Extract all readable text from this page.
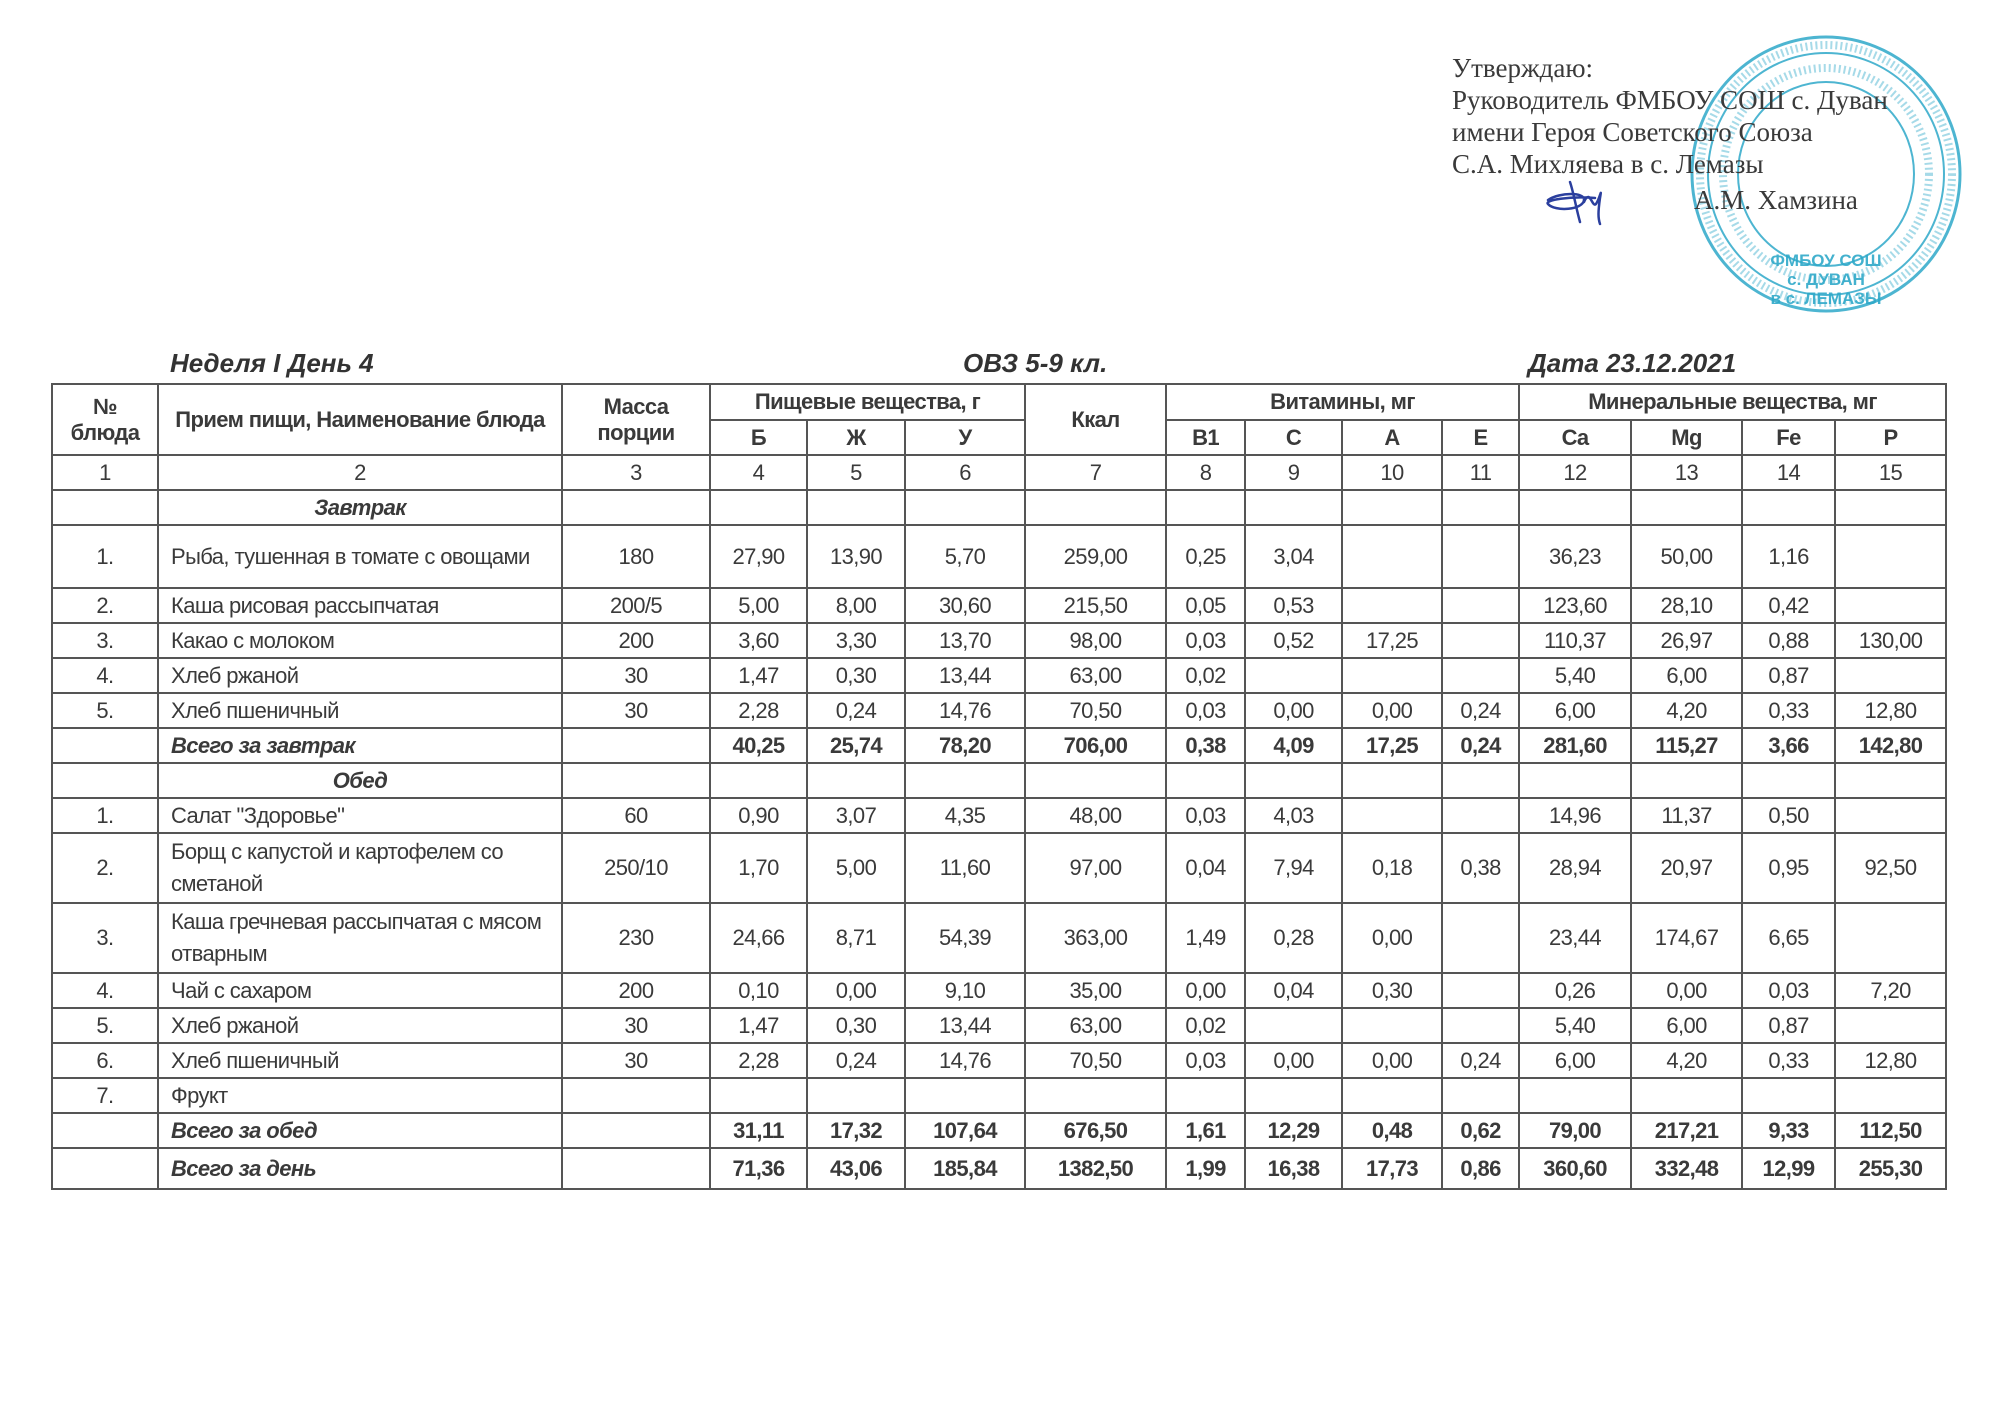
Утверждаю:
Руководитель ФМБОУ СОШ с. Дуван
имени Героя Советского Союза
С.А. Михляева в с. Лемазы
А.М. Хамзина
ФМБОУ СОШ
с. ДУВАН
в с. ЛЕМАЗЫ
Неделя I День 4	ОВЗ 5-9 кл.	Дата 23.12.2021
№ блюда	Прием пищи, Наименование блюда	Масса порции	Пищевые вещества, г			Ккал	Витамины, мг				Минеральные вещества, мг			
			Б	Ж	У		B1	C	A	E	Ca	Mg	Fe	P
1	2	3	4	5	6	7	8	9	10	11	12	13	14	15
	Завтрак													
1.	Рыба, тушенная в томате с овощами	180	27,90	13,90	5,70	259,00	0,25	3,04			36,23	50,00	1,16	
2.	Каша рисовая рассыпчатая	200/5	5,00	8,00	30,60	215,50	0,05	0,53			123,60	28,10	0,42	
3.	Какао с молоком	200	3,60	3,30	13,70	98,00	0,03	0,52	17,25		110,37	26,97	0,88	130,00
4.	Хлеб ржаной	30	1,47	0,30	13,44	63,00	0,02				5,40	6,00	0,87	
5.	Хлеб пшеничный	30	2,28	0,24	14,76	70,50	0,03	0,00	0,00	0,24	6,00	4,20	0,33	12,80
	Всего за завтрак		40,25	25,74	78,20	706,00	0,38	4,09	17,25	0,24	281,60	115,27	3,66	142,80
	Обед													
1.	Салат "Здоровье"	60	0,90	3,07	4,35	48,00	0,03	4,03			14,96	11,37	0,50	
2.	Борщ с капустой и картофелем со сметаной	250/10	1,70	5,00	11,60	97,00	0,04	7,94	0,18	0,38	28,94	20,97	0,95	92,50
3.	Каша гречневая рассыпчатая с мясом отварным	230	24,66	8,71	54,39	363,00	1,49	0,28	0,00		23,44	174,67	6,65	
4.	Чай с сахаром	200	0,10	0,00	9,10	35,00	0,00	0,04	0,30		0,26	0,00	0,03	7,20
5.	Хлеб ржаной	30	1,47	0,30	13,44	63,00	0,02				5,40	6,00	0,87	
6.	Хлеб пшеничный	30	2,28	0,24	14,76	70,50	0,03	0,00	0,00	0,24	6,00	4,20	0,33	12,80
7.	Фрукт													
	Всего за обед		31,11	17,32	107,64	676,50	1,61	12,29	0,48	0,62	79,00	217,21	9,33	112,50
	Всего за день		71,36	43,06	185,84	1382,50	1,99	16,38	17,73	0,86	360,60	332,48	12,99	255,30
